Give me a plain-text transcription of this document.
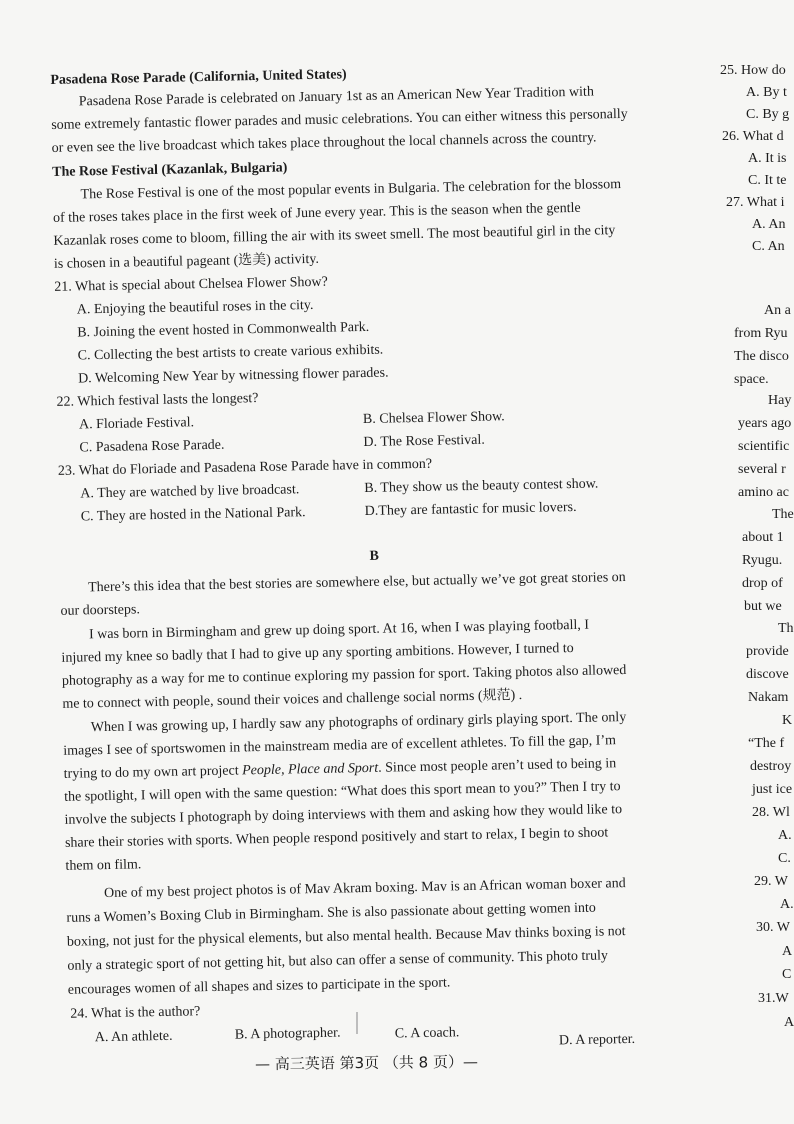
Pasadena Rose Parade (California, United States)
Pasadena Rose Parade is celebrated on January 1st as an American New Year Tradition with
some extremely fantastic flower parades and music celebrations. You can either witness this personally
or even see the live broadcast which takes place throughout the local channels across the country.
The Rose Festival (Kazanlak, Bulgaria)
The Rose Festival is one of the most popular events in Bulgaria. The celebration for the blossom
of the roses takes place in the first week of June every year. This is the season when the gentle
Kazanlak roses come to bloom, filling the air with its sweet smell. The most beautiful girl in the city
is chosen in a beautiful pageant (选美) activity.
21. What is special about Chelsea Flower Show?
A. Enjoying the beautiful roses in the city.
B. Joining the event hosted in Commonwealth Park.
C. Collecting the best artists to create various exhibits.
D. Welcoming New Year by witnessing flower parades.
22. Which festival lasts the longest?
A. Floriade Festival.	B. Chelsea Flower Show.
C. Pasadena Rose Parade.	D. The Rose Festival.
23. What do Floriade and Pasadena Rose Parade have in common?
A. They are watched by live broadcast.	B. They show us the beauty contest show.
C. They are hosted in the National Park.	D.They are fantastic for music lovers.
B
There’s this idea that the best stories are somewhere else, but actually we’ve got great stories on
our doorsteps.
I was born in Birmingham and grew up doing sport. At 16, when I was playing football, I
injured my knee so badly that I had to give up any sporting ambitions. However, I turned to
photography as a way for me to continue exploring my passion for sport. Taking photos also allowed
me to connect with people, sound their voices and challenge social norms (规范) .
When I was growing up, I hardly saw any photographs of ordinary girls playing sport. The only
images I see of sportswomen in the mainstream media are of excellent athletes. To fill the gap, I’m
trying to do my own art project People, Place and Sport. Since most people aren’t used to being in
the spotlight, I will open with the same question: “What does this sport mean to you?” Then I try to
involve the subjects I photograph by doing interviews with them and asking how they would like to
share their stories with sports. When people respond positively and start to relax, I begin to shoot
them on film.
One of my best project photos is of Mav Akram boxing. Mav is an African woman boxer and
runs a Women’s Boxing Club in Birmingham. She is also passionate about getting women into
boxing, not just for the physical elements, but also mental health. Because Mav thinks boxing is not
only a strategic sport of not getting hit, but also can offer a sense of community. This photo truly
encourages women of all shapes and sizes to participate in the sport.
24. What is the author?
A. An athlete.	B. A photographer.	C. A coach.	D. A reporter.
— 高三英语 第3页 （共 8 页）—
25. How do
A. By t
C. By g
26. What d
A. It is
C. It te
27. What i
A. An
C. An
An a
from Ryu
The disco
space.
Hay
years ago
scientific
several r
amino ac
The
about 1
Ryugu.
drop of
but we
Th
provide
discove
Nakam
K
“The f
destroy
just ice
28. Wl
A.
C.
29. W
A.
30. W
A
C
31.W
A
